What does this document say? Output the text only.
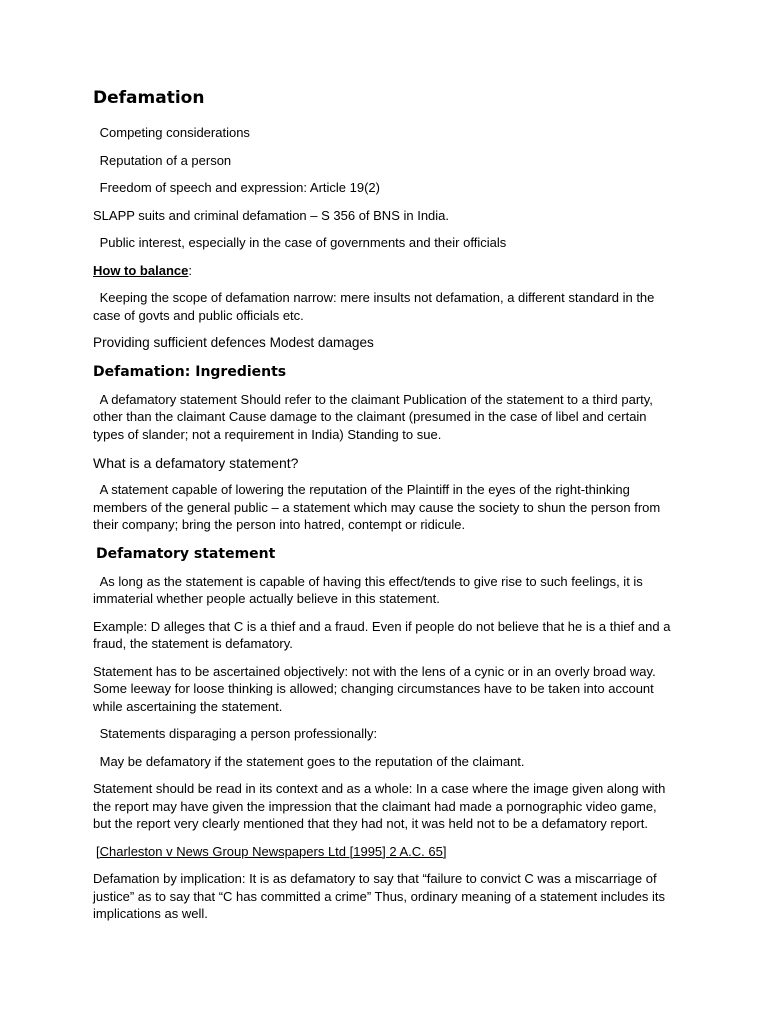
Defamation
Competing considerations
Reputation of a person
Freedom of speech and expression: Article 19(2)
SLAPP suits and criminal defamation – S 356 of BNS in India.
Public interest, especially in the case of governments and their officials
How to balance:
Keeping the scope of defamation narrow: mere insults not defamation, a different standard in the case of govts and public officials etc.
Providing sufficient defences Modest damages
Defamation: Ingredients
A defamatory statement Should refer to the claimant Publication of the statement to a third party, other than the claimant Cause damage to the claimant (presumed in the case of libel and certain types of slander; not a requirement in India) Standing to sue.
What is a defamatory statement?
A statement capable of lowering the reputation of the Plaintiff in the eyes of the right-thinking members of the general public – a statement which may cause the society to shun the person from their company; bring the person into hatred, contempt or ridicule.
Defamatory statement
As long as the statement is capable of having this effect/tends to give rise to such feelings, it is immaterial whether people actually believe in this statement.
Example: D alleges that C is a thief and a fraud. Even if people do not believe that he is a thief and a fraud, the statement is defamatory.
Statement has to be ascertained objectively: not with the lens of a cynic or in an overly broad way. Some leeway for loose thinking is allowed; changing circumstances have to be taken into account while ascertaining the statement.
Statements disparaging a person professionally:
May be defamatory if the statement goes to the reputation of the claimant.
Statement should be read in its context and as a whole: In a case where the image given along with the report may have given the impression that the claimant had made a pornographic video game, but the report very clearly mentioned that they had not, it was held not to be a defamatory report.
[Charleston v News Group Newspapers Ltd [1995] 2 A.C. 65]
Defamation by implication: It is as defamatory to say that “failure to convict C was a miscarriage of justice” as to say that “C has committed a crime” Thus, ordinary meaning of a statement includes its implications as well.
